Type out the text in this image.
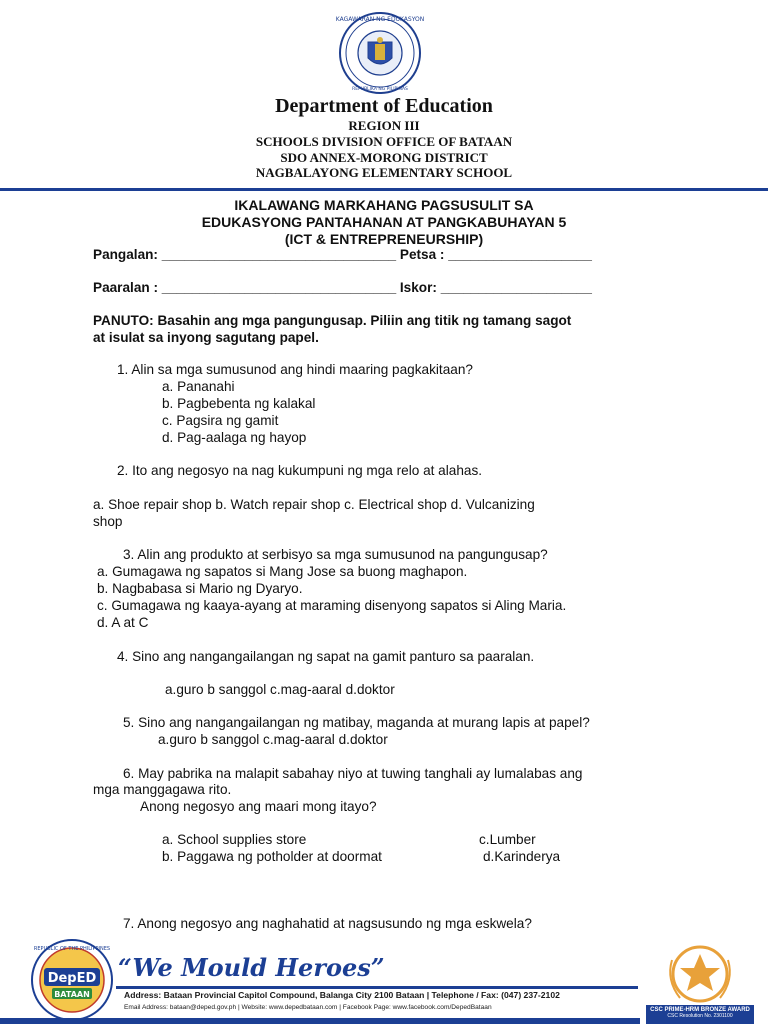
KAGAWARAN NG EDUKASYON
REPUBLIKA NG PILIPINAS
Department of Education
REGION III
SCHOOLS DIVISION OFFICE OF BATAAN
SDO ANNEX-MORONG DISTRICT
NAGBALAYONG ELEMENTARY SCHOOL
IKALAWANG MARKAHANG PAGSUSULIT SA
EDUKASYONG PANTAHANAN AT PANGKABUHAYAN 5
(ICT & ENTREPRENEURSHIP)
Pangalan: _______________________________ Petsa : ___________________
Paaralan : _______________________________ Iskor: ____________________
PANUTO: Basahin ang mga pangungusap. Piliin ang titik ng tamang sagot
at isulat sa inyong sagutang papel.
1. Alin sa mga sumusunod ang hindi maaring pagkakitaan?
a. Pananahi
b. Pagbebenta ng kalakal
c. Pagsira ng gamit
d. Pag-aalaga ng hayop
2. Ito ang negosyo na nag kukumpuni ng mga relo at alahas.
a. Shoe repair shop b. Watch repair shop c. Electrical shop d. Vulcanizing
shop
3. Alin ang produkto at serbisyo sa mga sumusunod na pangungusap?
a. Gumagawa ng sapatos si Mang Jose sa buong maghapon.
b. Nagbabasa si Mario ng Dyaryo.
c. Gumagawa ng kaaya-ayang at maraming disenyong sapatos si Aling Maria.
d. A at C
4. Sino ang nangangailangan ng sapat na gamit panturo sa paaralan.
a.guro b sanggol c.mag-aaral d.doktor
5. Sino ang nangangailangan ng matibay, maganda at murang lapis at papel?
a.guro b sanggol c.mag-aaral d.doktor
6. May pabrika na malapit sabahay niyo at tuwing tanghali ay lumalabas ang
mga manggagawa rito.
Anong negosyo ang maari mong itayo?
a. School supplies store	c.Lumber
b. Paggawa ng potholder at doormat	d.Karinderya
7. Anong negosyo ang naghahatid at nagsusundo ng mga eskwela?
REPUBLIC OF THE PHILIPPINES
DepED
BATAAN
“We Mould Heroes”
Address: Bataan Provincial Capitol Compound, Balanga City 2100 Bataan | Telephone / Fax: (047) 237-2102
Email Address: bataan@deped.gov.ph | Website: www.depedbataan.com | Facebook Page: www.facebook.com/DepedBataan	CSC PRIME-HRM BRONZE AWARD
CSC Resolution No. 2301100
